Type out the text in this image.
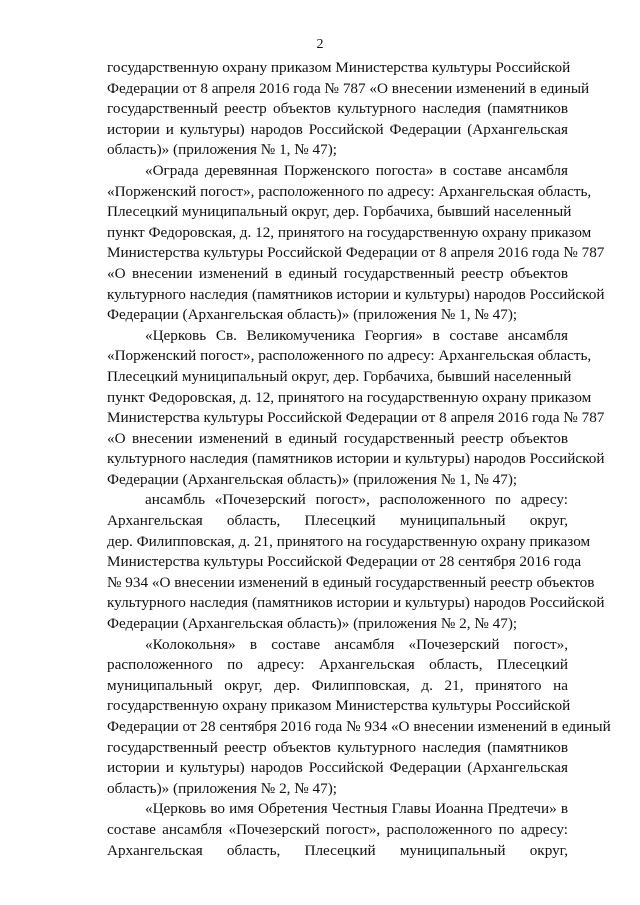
2
государственную охрану приказом Министерства культуры Российской
Федерации от 8 апреля 2016 года № 787 «О внесении изменений в единый
государственный реестр объектов культурного наследия (памятников
истории и культуры) народов Российской Федерации (Архангельская
область)» (приложения № 1, № 47);
«Ограда деревянная Порженского погоста» в составе ансамбля
«Порженский погост», расположенного по адресу: Архангельская область,
Плесецкий муниципальный округ, дер. Горбачиха, бывший населенный
пункт Федоровская, д. 12, принятого на государственную охрану приказом
Министерства культуры Российской Федерации от 8 апреля 2016 года № 787
«О внесении изменений в единый государственный реестр объектов
культурного наследия (памятников истории и культуры) народов Российской
Федерации (Архангельская область)» (приложения № 1, № 47);
«Церковь Св. Великомученика Георгия» в составе ансамбля
«Порженский погост», расположенного по адресу: Архангельская область,
Плесецкий муниципальный округ, дер. Горбачиха, бывший населенный
пункт Федоровская, д. 12, принятого на государственную охрану приказом
Министерства культуры Российской Федерации от 8 апреля 2016 года № 787
«О внесении изменений в единый государственный реестр объектов
культурного наследия (памятников истории и культуры) народов Российской
Федерации (Архангельская область)» (приложения № 1, № 47);
ансамбль «Почезерский погост», расположенного по адресу:
Архангельская область, Плесецкий муниципальный округ,
дер. Филипповская, д. 21, принятого на государственную охрану приказом
Министерства культуры Российской Федерации от 28 сентября 2016 года
№ 934 «О внесении изменений в единый государственный реестр объектов
культурного наследия (памятников истории и культуры) народов Российской
Федерации (Архангельская область)» (приложения № 2, № 47);
«Колокольня» в составе ансамбля «Почезерский погост»,
расположенного по адресу: Архангельская область, Плесецкий
муниципальный округ, дер. Филипповская, д. 21, принятого на
государственную охрану приказом Министерства культуры Российской
Федерации от 28 сентября 2016 года № 934 «О внесении изменений в единый
государственный реестр объектов культурного наследия (памятников
истории и культуры) народов Российской Федерации (Архангельская
область)» (приложения № 2, № 47);
«Церковь во имя Обретения Честныя Главы Иоанна Предтечи» в
составе ансамбля «Почезерский погост», расположенного по адресу:
Архангельская область, Плесецкий муниципальный округ,
